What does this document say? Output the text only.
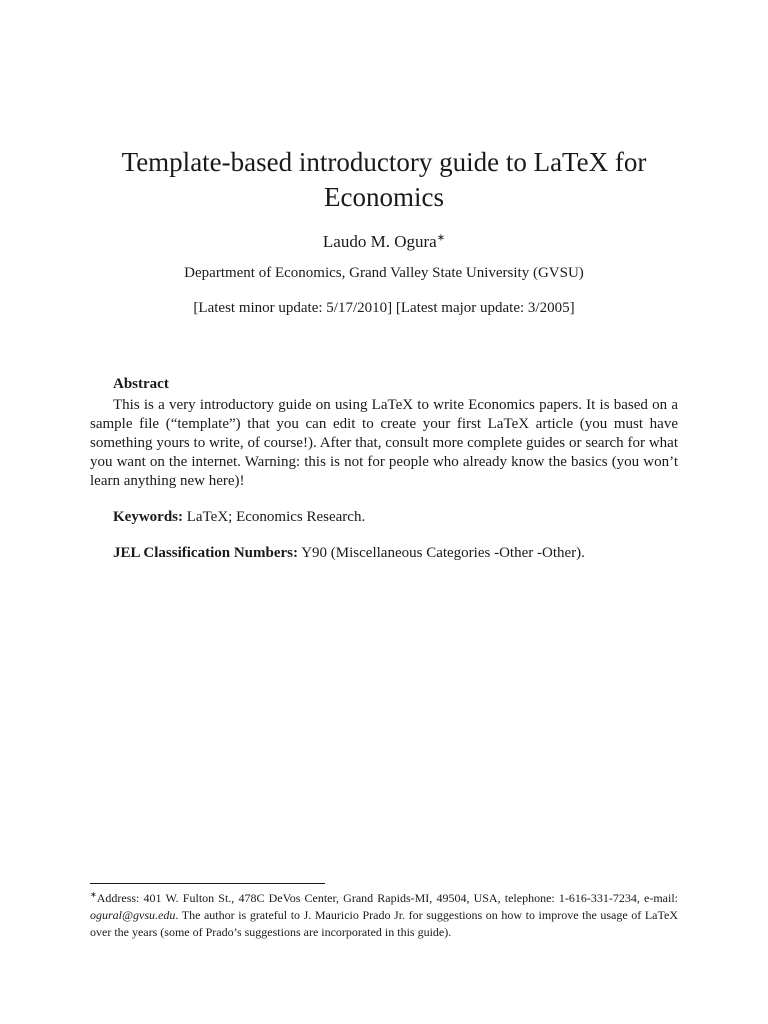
Template-based introductory guide to LaTeX for Economics
Laudo M. Ogura∗
Department of Economics, Grand Valley State University (GVSU)
[Latest minor update: 5/17/2010] [Latest major update: 3/2005]
Abstract

This is a very introductory guide on using LaTeX to write Economics papers. It is based on a sample file (“template”) that you can edit to create your first LaTeX article (you must have something yours to write, of course!). After that, consult more complete guides or search for what you want on the internet. Warning: this is not for people who already know the basics (you won’t learn anything new here)!

Keywords: LaTeX; Economics Research.
JEL Classification Numbers: Y90 (Miscellaneous Categories -Other -Other).

∗Address: 401 W. Fulton St., 478C DeVos Center, Grand Rapids-MI, 49504, USA, telephone: 1-616-331-7234, e-mail: ogural@gvsu.edu. The author is grateful to J. Mauricio Prado Jr. for suggestions on how to improve the usage of LaTeX over the years (some of Prado’s suggestions are incorporated in this guide).
